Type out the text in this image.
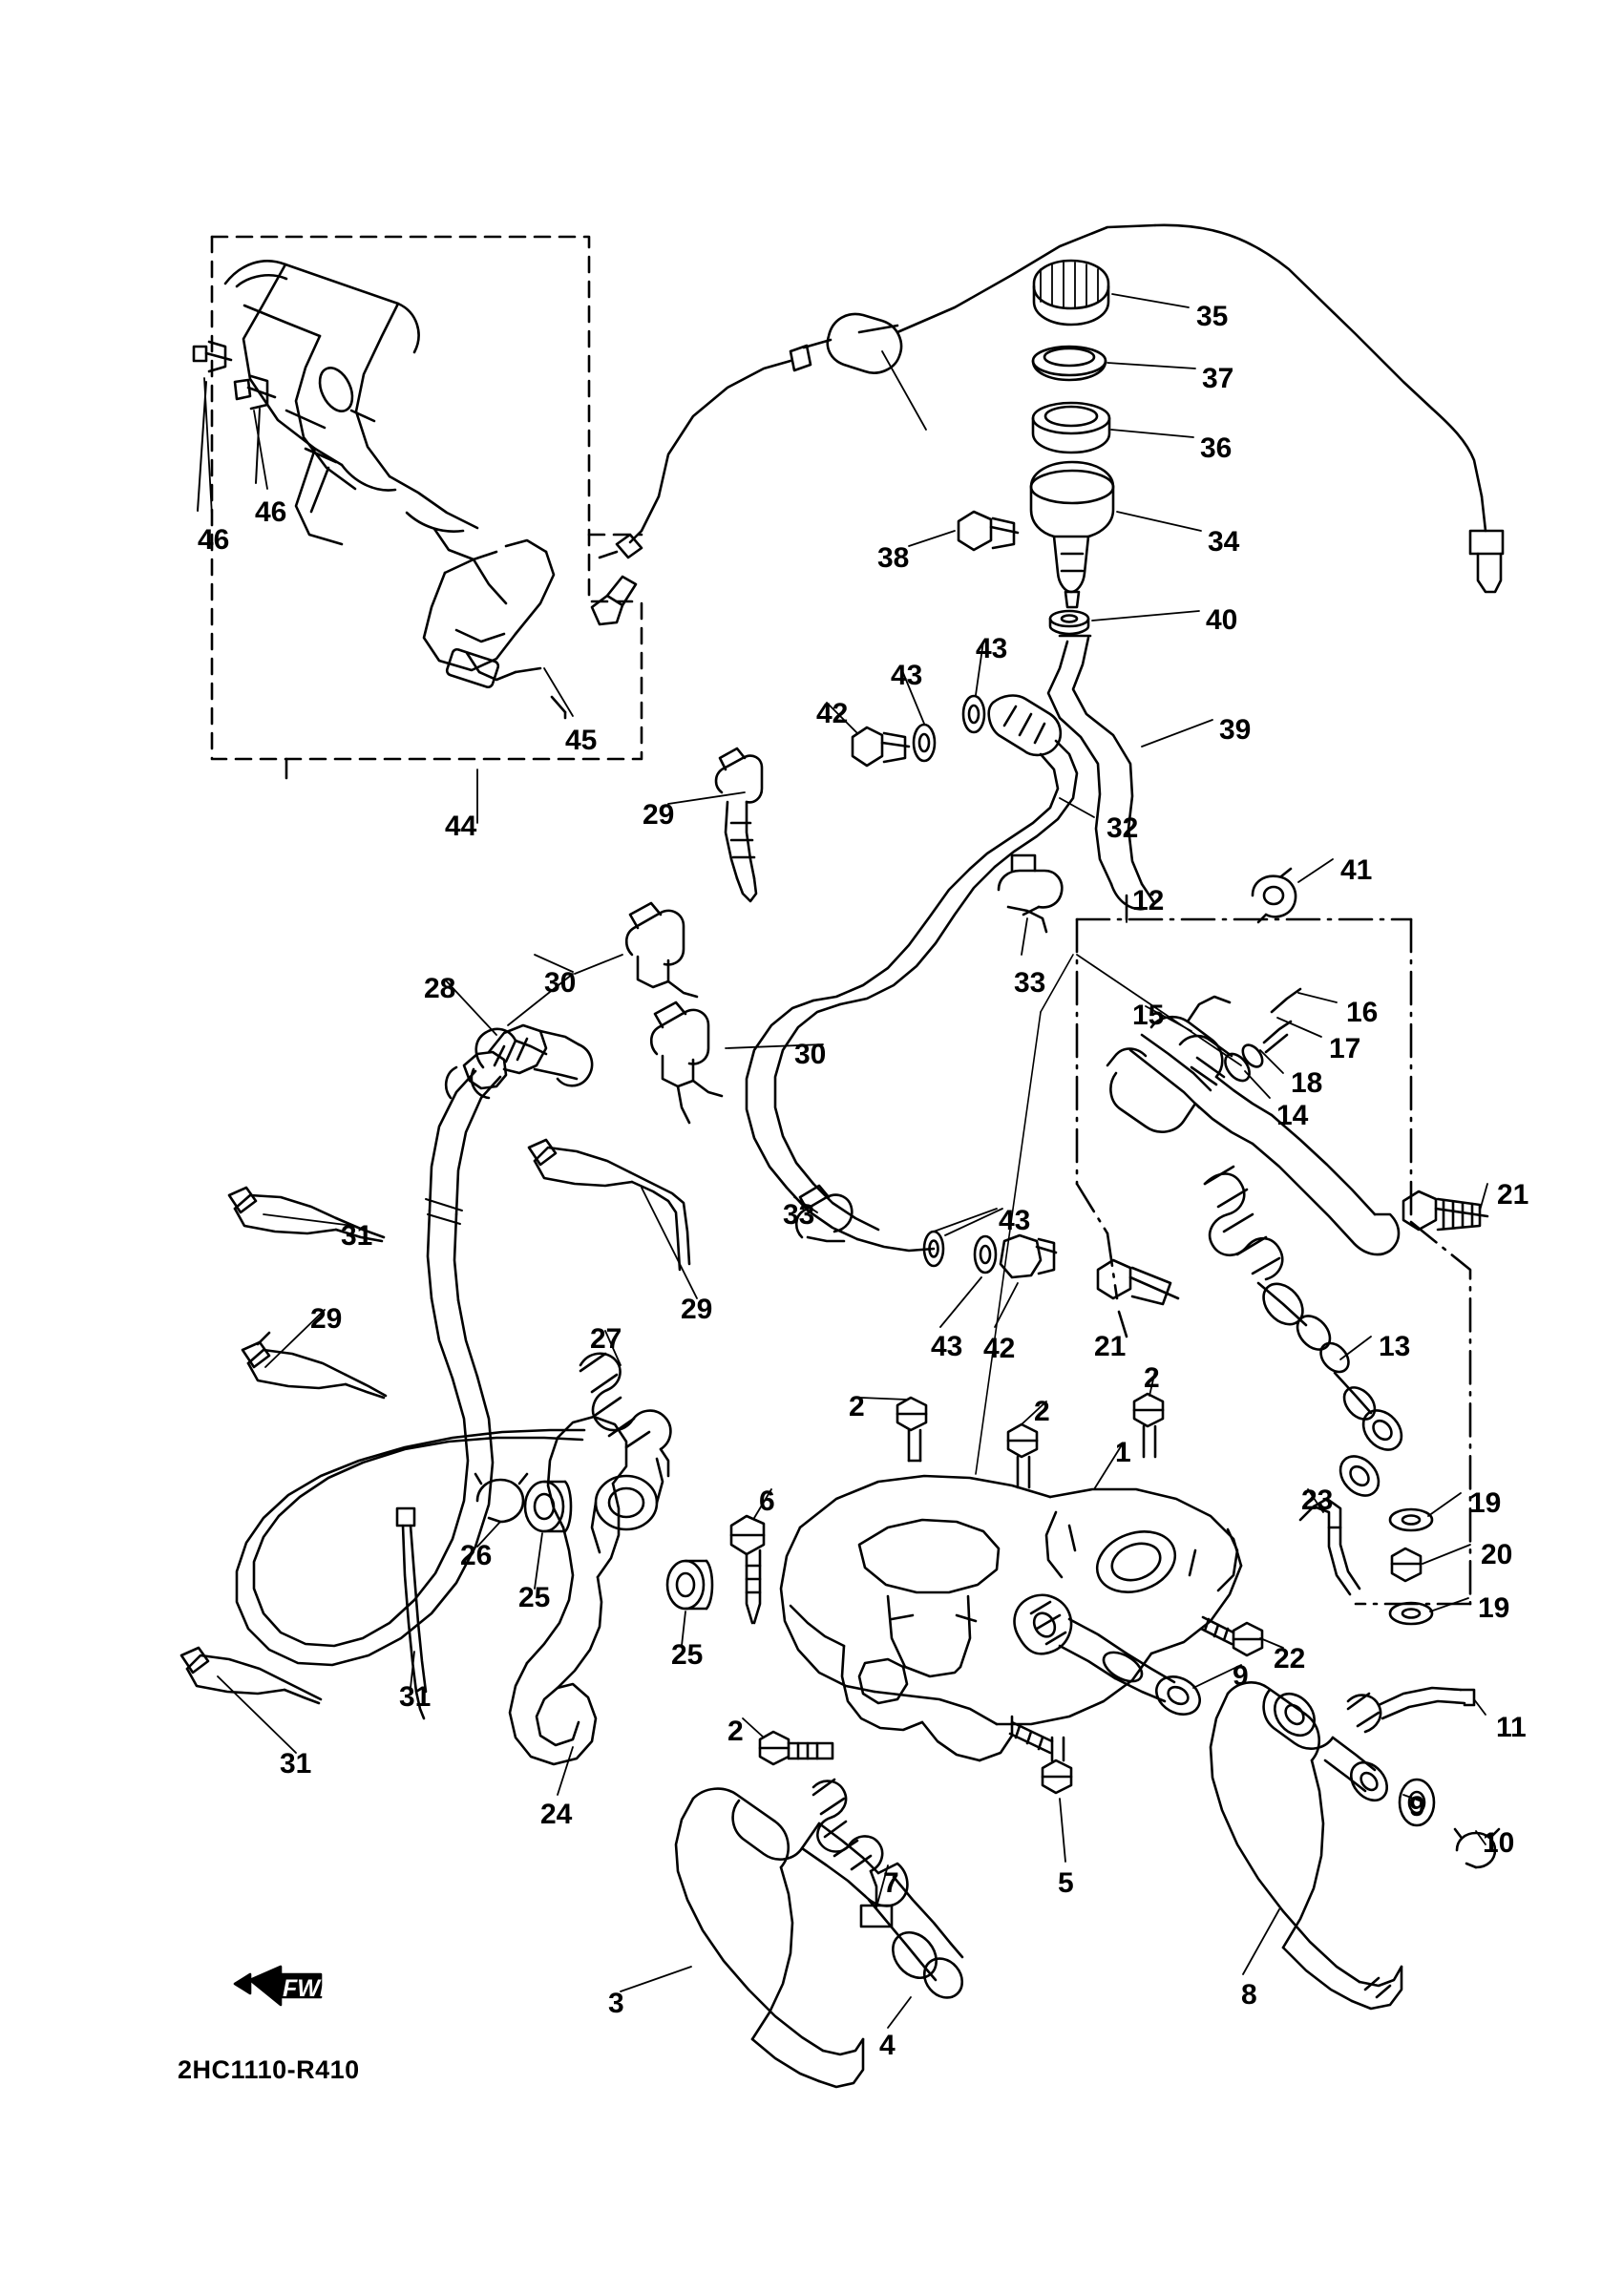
1
2	2
2
2
3
4
5
6
7
8
9
9
10
11
12
13
14
15	16
17
18
19
19
20
21
21
22
23
24
25
25
26
27
28
29
29
29
30
30
31
31
31
32
33
33
34
35
36
37
38
39
40
41
42
42
43
43
43
43
44
45
46
46
FWD
2HC1110-R410
